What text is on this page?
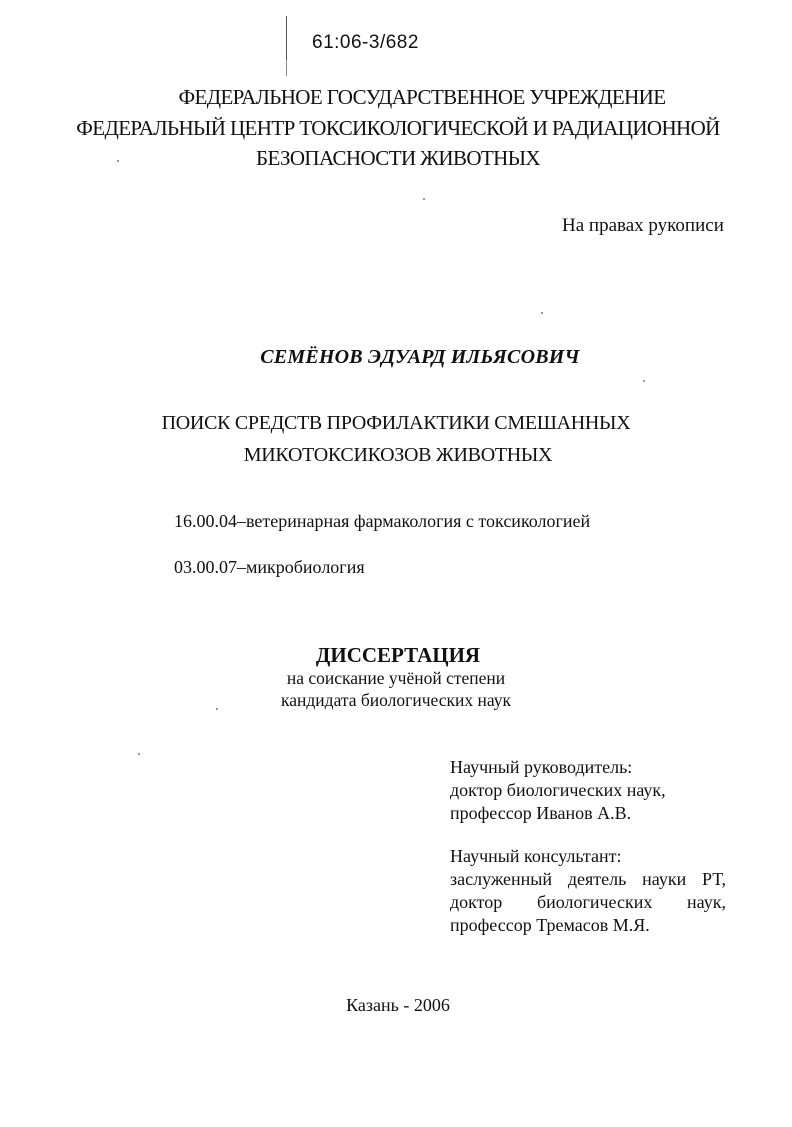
61:06-3/682
ФЕДЕРАЛЬНОЕ ГОСУДАРСТВЕННОЕ УЧРЕЖДЕНИЕ
ФЕДЕРАЛЬНЫЙ ЦЕНТР ТОКСИКОЛОГИЧЕСКОЙ И РАДИАЦИОННОЙ
БЕЗОПАСНОСТИ ЖИВОТНЫХ
На правах рукописи
СЕМЁНОВ ЭДУАРД ИЛЬЯСОВИЧ
ПОИСК СРЕДСТВ ПРОФИЛАКТИКИ СМЕШАННЫХ
МИКОТОКСИКОЗОВ ЖИВОТНЫХ
16.00.04–ветеринарная фармакология с токсикологией
03.00.07–микробиология
ДИССЕРТАЦИЯ
на соискание учёной степени
кандидата биологических наук
Научный руководитель:
доктор биологических наук,
профессор Иванов А.В.
Научный консультант:
заслуженный деятель науки РТ,
доктор биологических наук,
профессор Тремасов М.Я.
Казань - 2006
